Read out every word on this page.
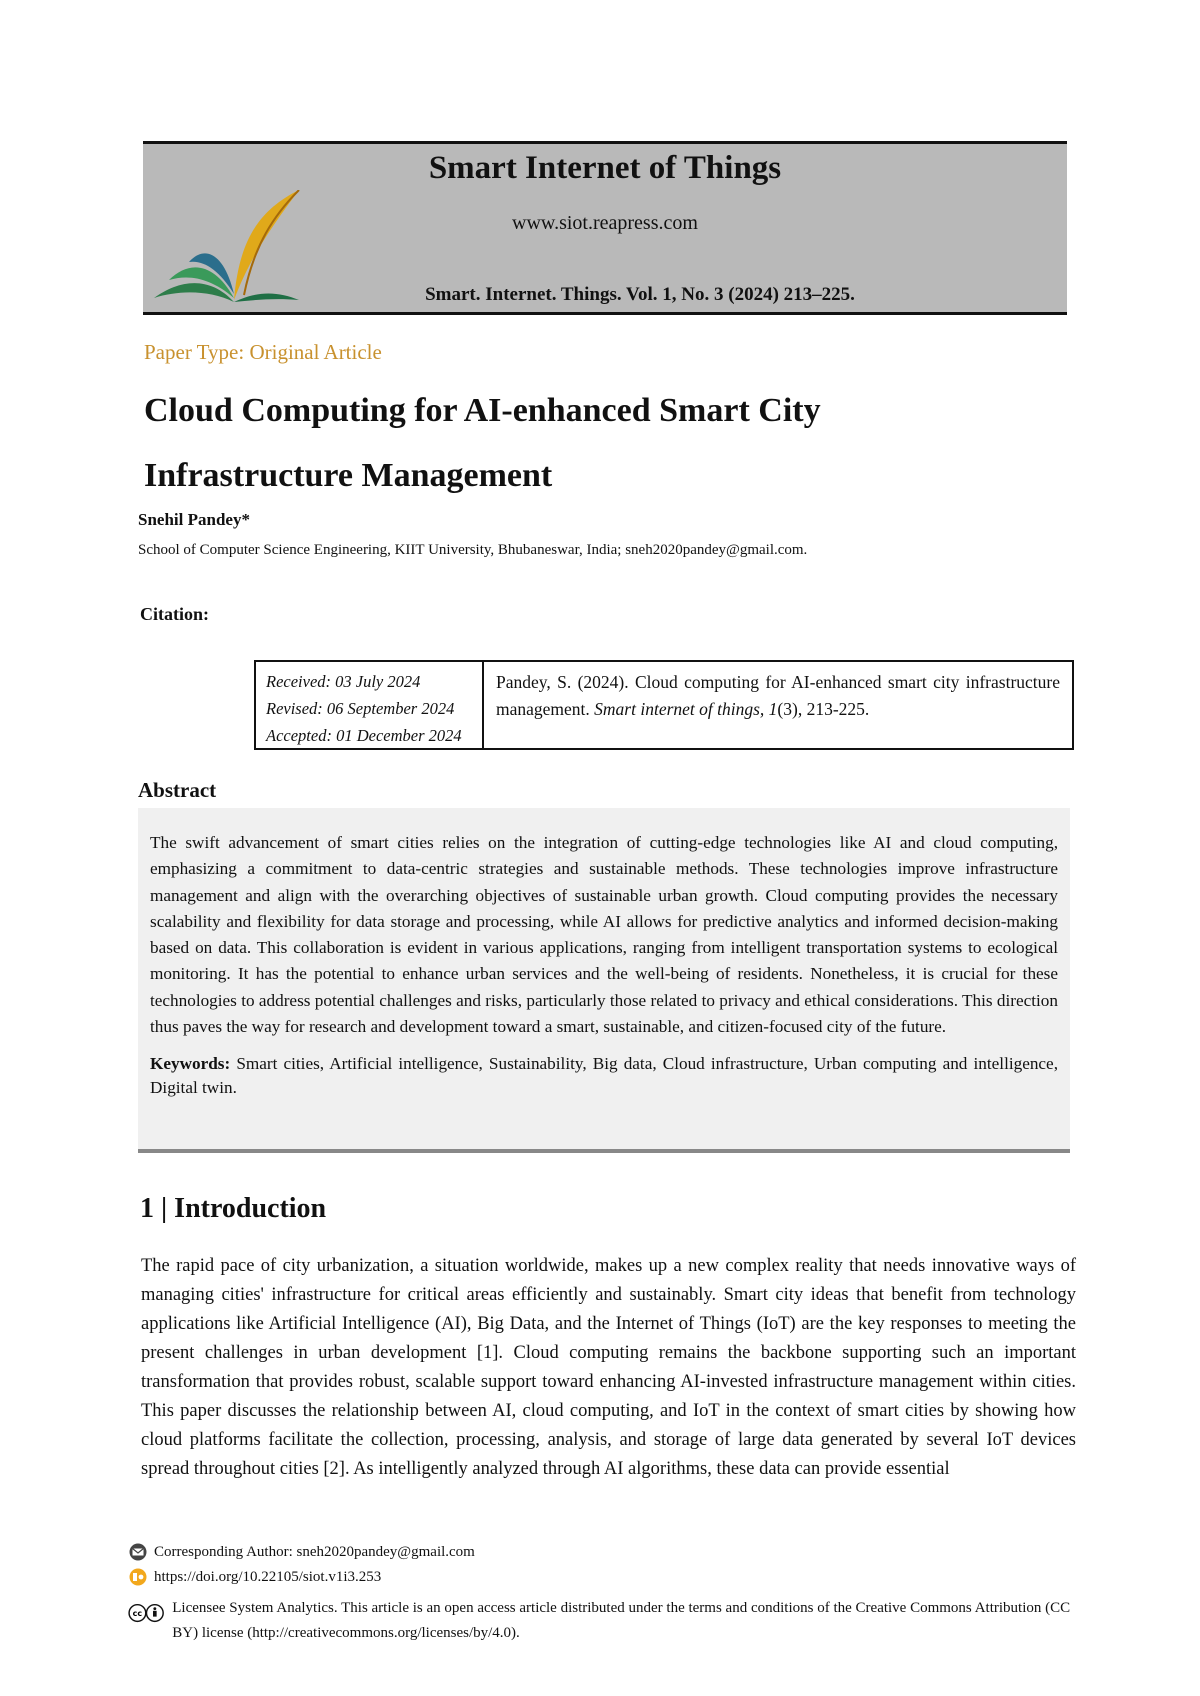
Smart Internet of Things
www.siot.reapress.com
Smart. Internet. Things. Vol. 1, No. 3 (2024) 213–225.
Paper Type: Original Article
Cloud Computing for AI-enhanced Smart City
Infrastructure Management
Snehil Pandey*
School of Computer Science Engineering, KIIT University, Bhubaneswar, India; sneh2020pandey@gmail.com.
Citation:
Received: 03 July 2024
Revised: 06 September 2024
Accepted: 01 December 2024
Pandey, S. (2024). Cloud computing for AI-enhanced smart city infrastructure management. Smart internet of things, 1(3), 213-225.
Abstract
The swift advancement of smart cities relies on the integration of cutting-edge technologies like AI and cloud computing, emphasizing a commitment to data-centric strategies and sustainable methods. These technologies improve infrastructure management and align with the overarching objectives of sustainable urban growth. Cloud computing provides the necessary scalability and flexibility for data storage and processing, while AI allows for predictive analytics and informed decision-making based on data. This collaboration is evident in various applications, ranging from intelligent transportation systems to ecological monitoring. It has the potential to enhance urban services and the well-being of residents. Nonetheless, it is crucial for these technologies to address potential challenges and risks, particularly those related to privacy and ethical considerations. This direction thus paves the way for research and development toward a smart, sustainable, and citizen-focused city of the future.
Keywords: Smart cities, Artificial intelligence, Sustainability, Big data, Cloud infrastructure, Urban computing and intelligence, Digital twin.
1 | Introduction
The rapid pace of city urbanization, a situation worldwide, makes up a new complex reality that needs innovative ways of managing cities' infrastructure for critical areas efficiently and sustainably. Smart city ideas that benefit from technology applications like Artificial Intelligence (AI), Big Data, and the Internet of Things (IoT) are the key responses to meeting the present challenges in urban development [1]. Cloud computing remains the backbone supporting such an important transformation that provides robust, scalable support toward enhancing AI-invested infrastructure management within cities. This paper discusses the relationship between AI, cloud computing, and IoT in the context of smart cities by showing how cloud platforms facilitate the collection, processing, analysis, and storage of large data generated by several IoT devices spread throughout cities [2]. As intelligently analyzed through AI algorithms, these data can provide essential
Corresponding Author: sneh2020pandey@gmail.com
https://doi.org/10.22105/siot.v1i3.253
cc Licensee System Analytics. This article is an open access article distributed under the terms and conditions of the Creative Commons Attribution (CC BY) license (http://creativecommons.org/licenses/by/4.0).
